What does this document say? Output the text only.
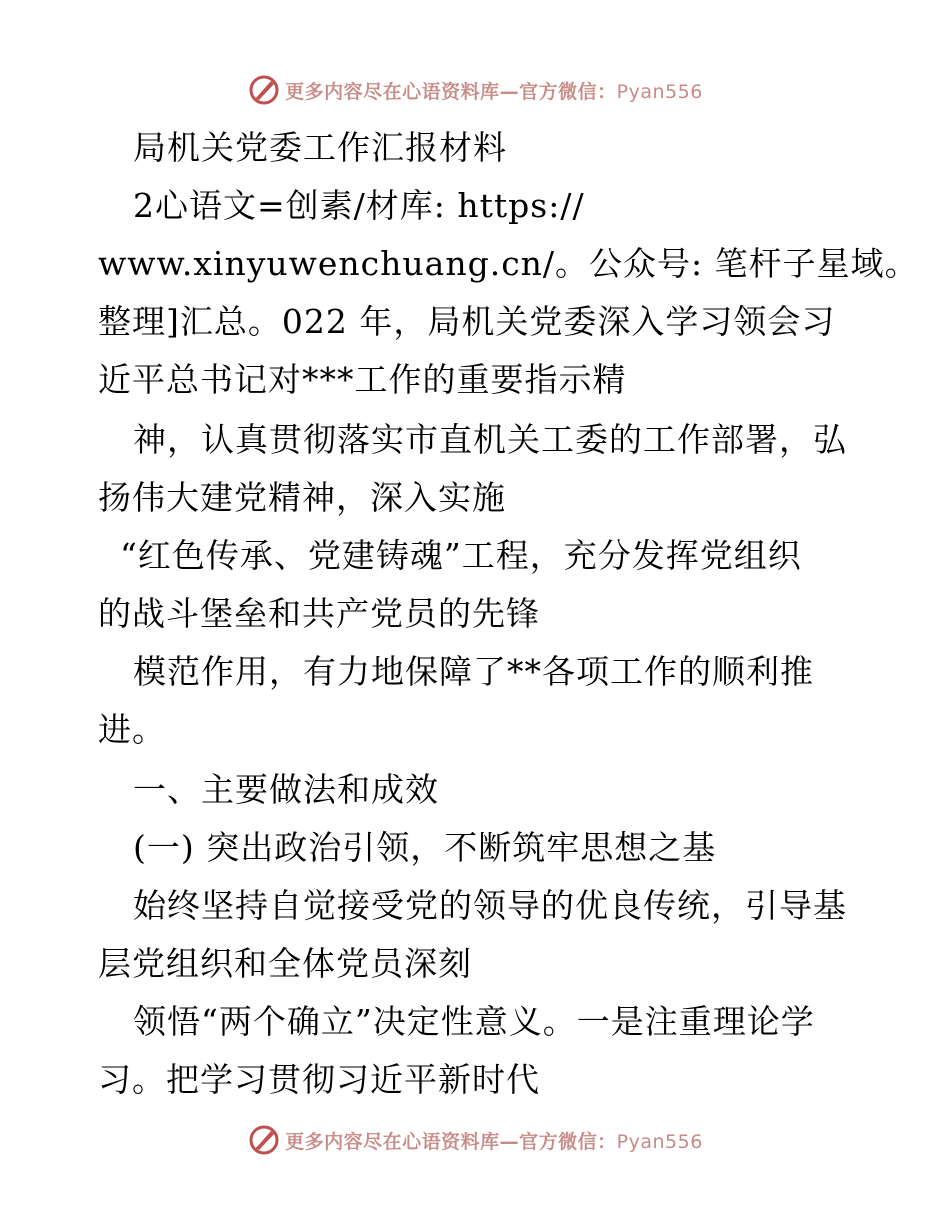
更多内容尽在心语资料库—官方微信：Pyan556
局机关党委工作汇报材料
2心语文=创素/材库: https://
www.xinyuwenchuang.cn/。公众号: 笔杆子星域。
整理]汇总。022 年，局机关党委深入学习领会习
近平总书记对***工作的重要指示精
神，认真贯彻落实市直机关工委的工作部署，弘
扬伟大建党精神，深入实施
“红色传承、党建铸魂”工程，充分发挥党组织
的战斗堡垒和共产党员的先锋
模范作用，有力地保障了**各项工作的顺利推
进。
一、主要做法和成效
(一) 突出政治引领，不断筑牢思想之基
始终坚持自觉接受党的领导的优良传统，引导基
层党组织和全体党员深刻
领悟“两个确立”决定性意义。一是注重理论学
习。把学习贯彻习近平新时代
更多内容尽在心语资料库—官方微信：Pyan556
